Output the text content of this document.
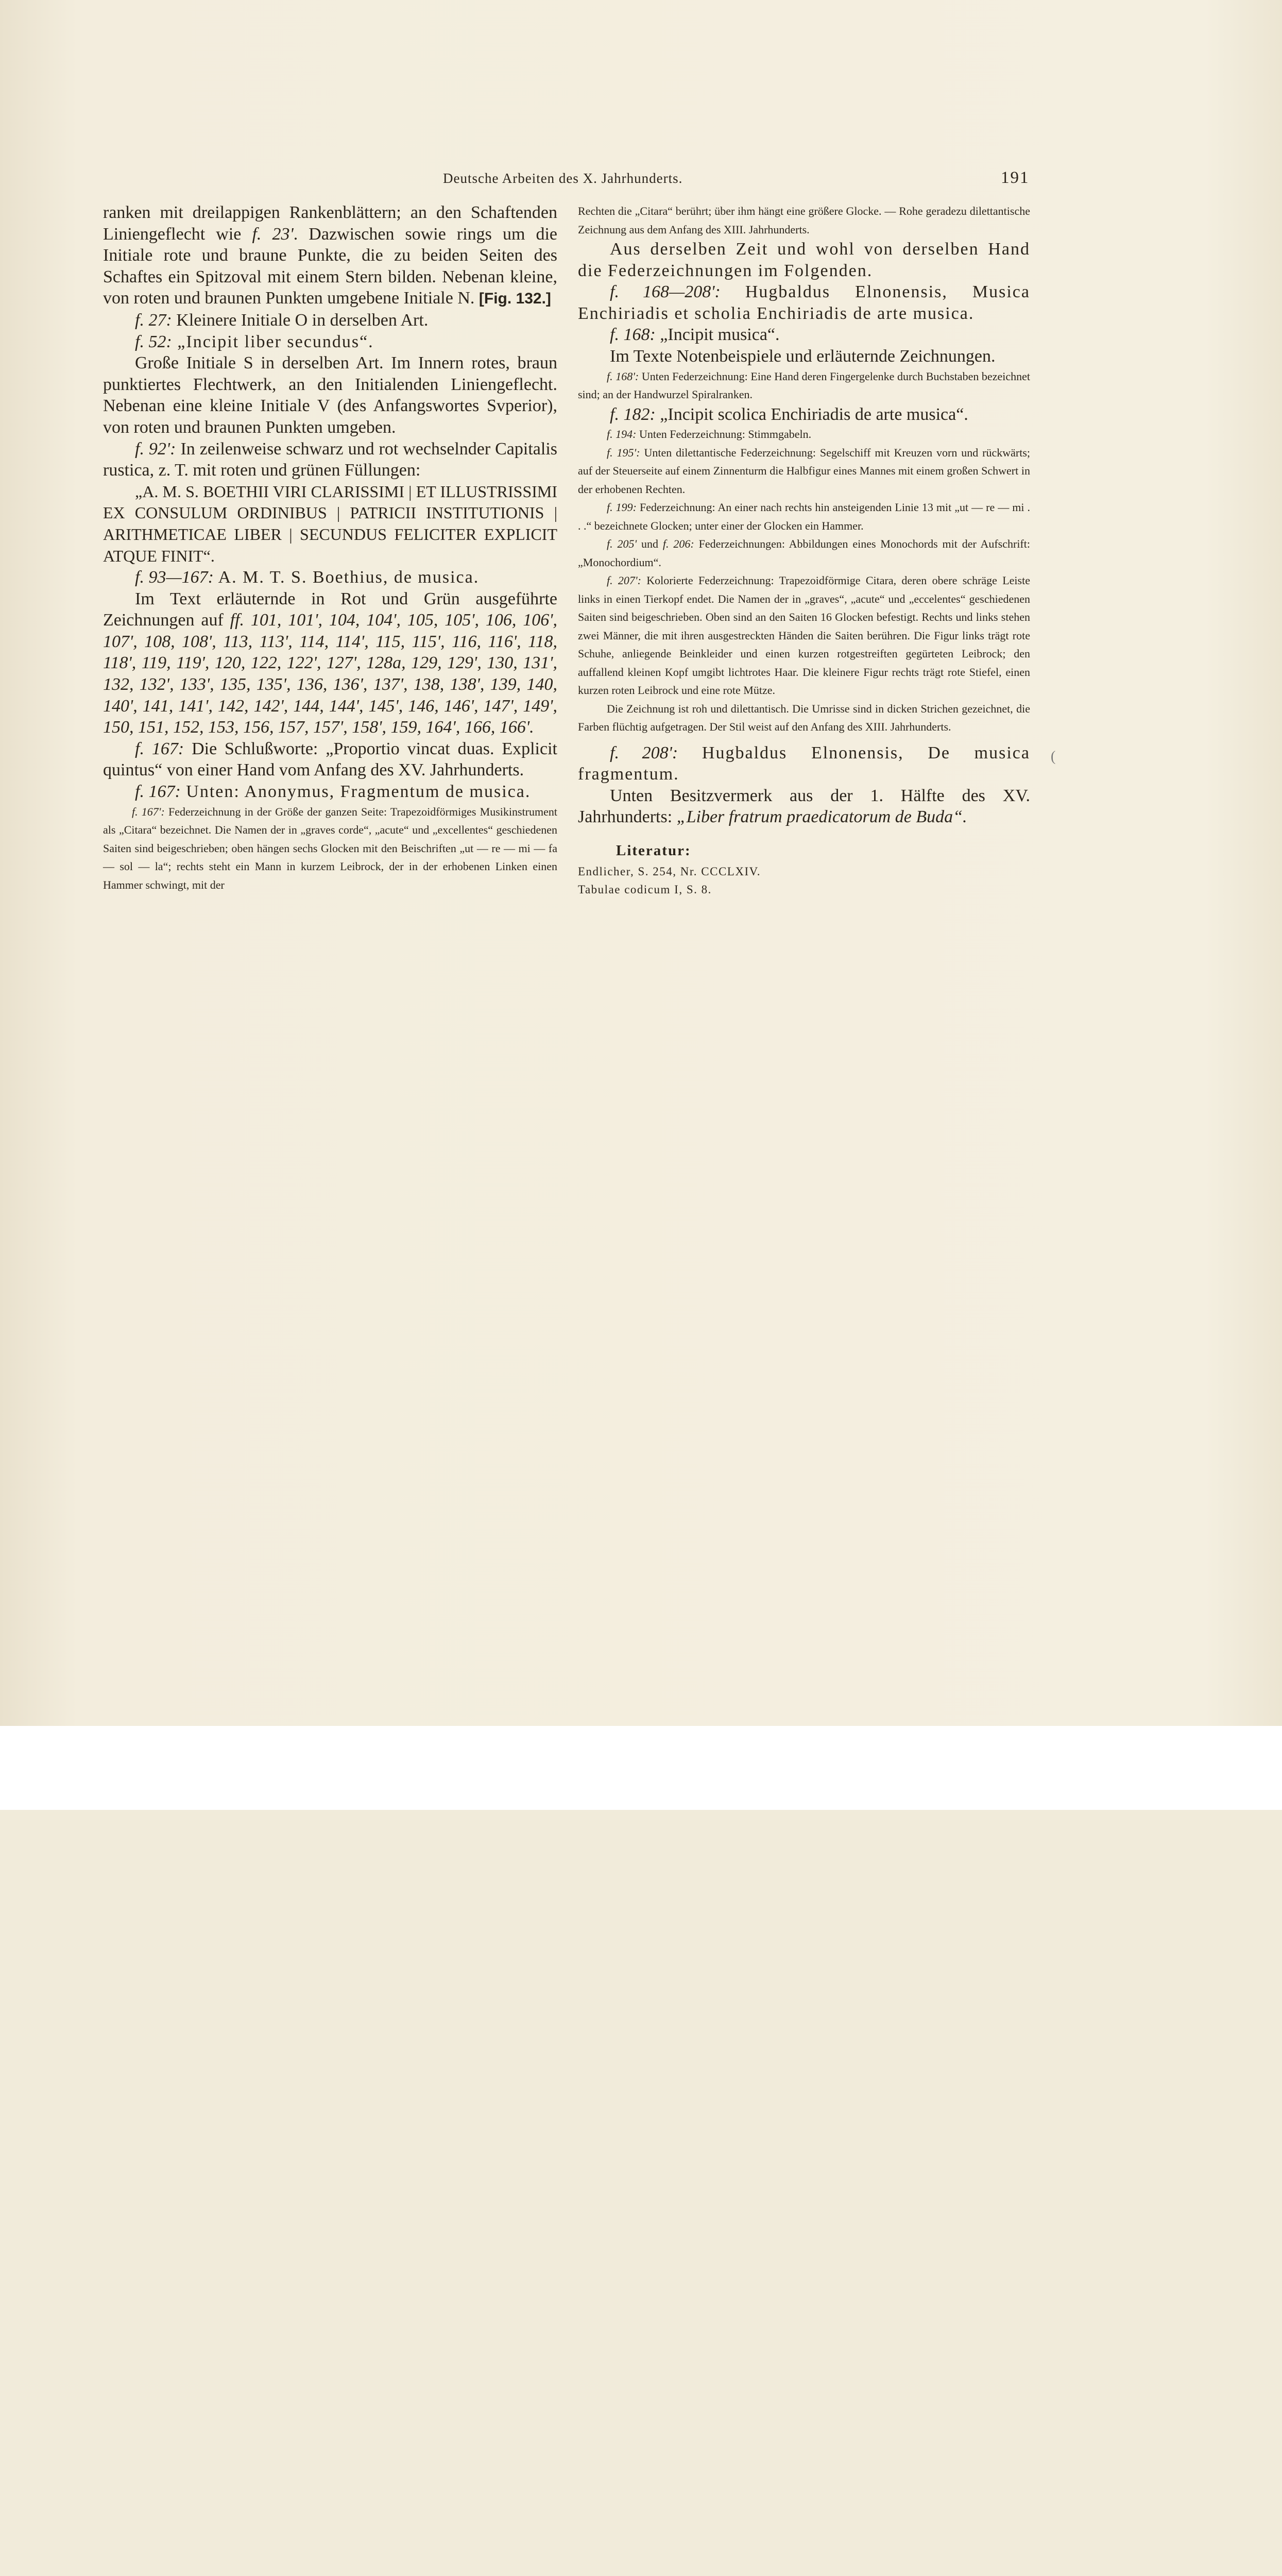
Deutsche Arbeiten des X. Jahrhunderts.	191

ranken mit dreilappigen Rankenblättern; an den Schaftenden Liniengeflecht wie f. 23'. Dazwischen sowie rings um die Initiale rote und braune Punkte, die zu beiden Seiten des Schaftes ein Spitzoval mit einem Stern bilden. Nebenan kleine, von roten und braunen Punkten umgebene Initiale N. [Fig. 132.]

f. 27: Kleinere Initiale O in derselben Art.

f. 52: „Incipit liber secundus“.

Große Initiale S in derselben Art. Im Innern rotes, braun punktiertes Flechtwerk, an den Initialenden Liniengeflecht. Nebenan eine kleine Initiale V (des Anfangswortes Svperior), von roten und braunen Punkten umgeben.

f. 92': In zeilenweise schwarz und rot wechselnder Capitalis rustica, z. T. mit roten und grünen Füllungen:

„A. M. S. BOETHII VIRI CLARISSIMI | ET ILLUSTRISSIMI EX CONSULUM ORDINIBUS | PATRICII INSTITUTIONIS | ARITHMETICAE LIBER | SECUNDUS FELICITER EXPLICIT ATQUE FINIT“.

f. 93—167: A. M. T. S. Boethius, de musica.

Im Text erläuternde in Rot und Grün ausgeführte Zeichnungen auf ff. 101, 101', 104, 104', 105, 105', 106, 106', 107', 108, 108', 113, 113', 114, 114', 115, 115', 116, 116', 118, 118', 119, 119', 120, 122, 122', 127', 128a, 129, 129', 130, 131', 132, 132', 133', 135, 135', 136, 136', 137', 138, 138', 139, 140, 140', 141, 141', 142, 142', 144, 144', 145', 146, 146', 147', 149', 150, 151, 152, 153, 156, 157, 157', 158', 159, 164', 166, 166'.

f. 167: Die Schlußworte: „Proportio vincat duas. Explicit quintus“ von einer Hand vom Anfang des XV. Jahrhunderts.

f. 167: Unten: Anonymus, Fragmentum de musica.

f. 167': Federzeichnung in der Größe der ganzen Seite: Trapezoidförmiges Musikinstrument als „Citara“ bezeichnet. Die Namen der in „graves corde“, „acute“ und „excellentes“ geschiedenen Saiten sind beigeschrieben; oben hängen sechs Glocken mit den Beischriften „ut — re — mi — fa — sol — la“; rechts steht ein Mann in kurzem Leibrock, der in der erhobenen Linken einen Hammer schwingt, mit der

Rechten die „Citara“ berührt; über ihm hängt eine größere Glocke. — Rohe geradezu dilettantische Zeichnung aus dem Anfang des XIII. Jahrhunderts.

Aus derselben Zeit und wohl von derselben Hand die Federzeichnungen im Folgenden.

f. 168—208': Hugbaldus Elnonensis, Musica Enchiriadis et scholia Enchiriadis de arte musica.

f. 168: „Incipit musica“.

Im Texte Notenbeispiele und erläuternde Zeichnungen.

f. 168': Unten Federzeichnung: Eine Hand deren Fingergelenke durch Buchstaben bezeichnet sind; an der Handwurzel Spiralranken.

f. 182: „Incipit scolica Enchiriadis de arte musica“.

f. 194: Unten Federzeichnung: Stimmgabeln.

f. 195': Unten dilettantische Federzeichnung: Segelschiff mit Kreuzen vorn und rückwärts; auf der Steuerseite auf einem Zinnenturm die Halbfigur eines Mannes mit einem großen Schwert in der erhobenen Rechten.

f. 199: Federzeichnung: An einer nach rechts hin ansteigenden Linie 13 mit „ut — re — mi . . .“ bezeichnete Glocken; unter einer der Glocken ein Hammer.

f. 205' und f. 206: Federzeichnungen: Abbildungen eines Monochords mit der Aufschrift: „Monochordium“.

f. 207': Kolorierte Federzeichnung: Trapezoidförmige Citara, deren obere schräge Leiste links in einen Tierkopf endet. Die Namen der in „graves“, „acute“ und „eccelentes“ geschiedenen Saiten sind beigeschrieben. Oben sind an den Saiten 16 Glocken befestigt. Rechts und links stehen zwei Männer, die mit ihren ausgestreckten Händen die Saiten berühren. Die Figur links trägt rote Schuhe, anliegende Beinkleider und einen kurzen rotgestreiften gegürteten Leibrock; den auffallend kleinen Kopf umgibt lichtrotes Haar. Die kleinere Figur rechts trägt rote Stiefel, einen kurzen roten Leibrock und eine rote Mütze.

Die Zeichnung ist roh und dilettantisch. Die Umrisse sind in dicken Strichen gezeichnet, die Farben flüchtig aufgetragen. Der Stil weist auf den Anfang des XIII. Jahrhunderts.

f. 208': Hugbaldus Elnonensis, De musica fragmentum.

Unten Besitzvermerk aus der 1. Hälfte des XV. Jahrhunderts: „Liber fratrum praedicatorum de Buda“.

Literatur:

Endlicher, S. 254, Nr. CCCLXIV.

Tabulae codicum I, S. 8.

(
